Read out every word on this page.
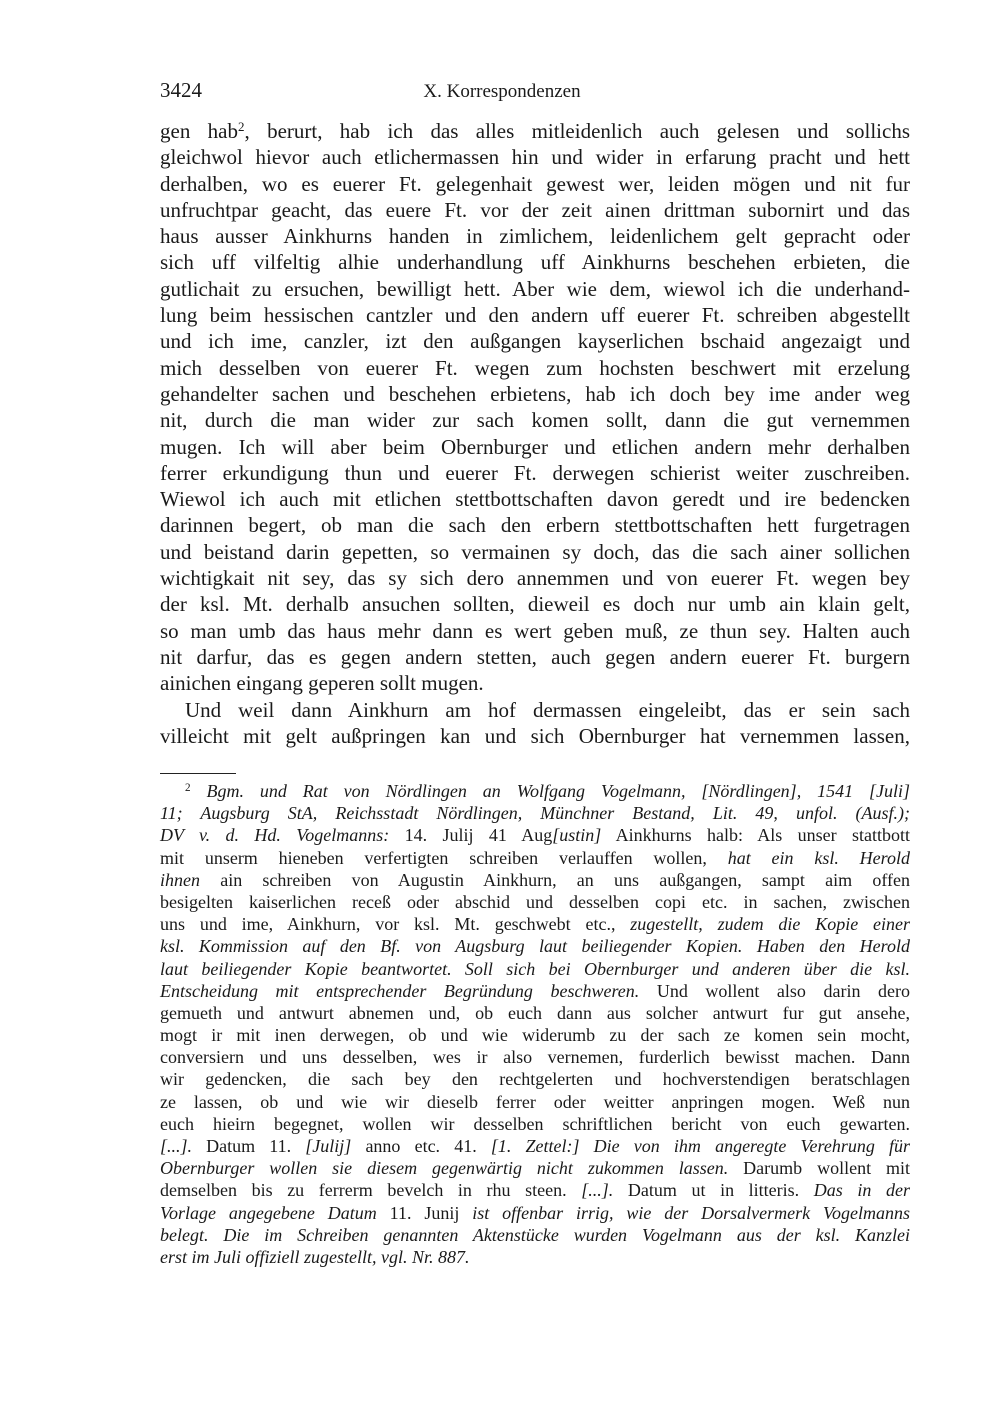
3424	X. Korrespondenzen
gen hab$^2$, berurt, hab ich das alles mitleidenlich auch gelesen und sollichs
gleichwol hievor auch etlichermassen hin und wider in erfarung pracht und hett
derhalben, wo es euerer Ft. gelegenhait gewest wer, leiden mögen und nit fur
unfruchtpar geacht, das euere Ft. vor der zeit ainen drittman subornirt und das
haus ausser Ainkhurns handen in zimlichem, leidenlichem gelt gepracht oder
sich uff vilfeltig alhie underhandlung uff Ainkhurns beschehen erbieten, die
gutlichait zu ersuchen, bewilligt hett. Aber wie dem, wiewol ich die underhand-
lung beim hessischen cantzler und den andern uff euerer Ft. schreiben abgestellt
und ich ime, canzler, izt den außgangen kayserlichen bschaid angezaigt und
mich desselben von euerer Ft. wegen zum hochsten beschwert mit erzelung
gehandelter sachen und beschehen erbietens, hab ich doch bey ime ander weg
nit, durch die man wider zur sach komen sollt, dann die gut vernemmen
mugen. Ich will aber beim Obernburger und etlichen andern mehr derhalben
ferrer erkundigung thun und euerer Ft. derwegen schierist weiter zuschreiben.
Wiewol ich auch mit etlichen stettbottschaften davon geredt und ire bedencken
darinnen begert, ob man die sach den erbern stettbottschaften hett furgetragen
und beistand darin gepetten, so vermainen sy doch, das die sach ainer sollichen
wichtigkait nit sey, das sy sich dero annemmen und von euerer Ft. wegen bey
der ksl. Mt. derhalb ansuchen sollten, dieweil es doch nur umb ain klain gelt,
so man umb das haus mehr dann es wert geben muß, ze thun sey. Halten auch
nit darfur, das es gegen andern stetten, auch gegen andern euerer Ft. burgern
ainichen eingang geperen sollt mugen.
Und weil dann Ainkhurn am hof dermassen eingeleibt, das er sein sach
villeicht mit gelt außpringen kan und sich Obernburger hat vernemmen lassen,
$^2$ Bgm. und Rat von Nördlingen an Wolfgang Vogelmann, [Nördlingen], 1541 [Juli]
11; Augsburg StA, Reichsstadt Nördlingen, Münchner Bestand, Lit. 49, unfol. (Ausf.);
DV v. d. Hd. Vogelmanns: 14. Julij 41 Aug[ustin] Ainkhurns halb: Als unser stattbott
mit unserm hieneben verfertigten schreiben verlauffen wollen, hat ein ksl. Herold
ihnen ain schreiben von Augustin Ainkhurn, an uns außgangen, sampt aim offen
besigelten kaiserlichen receß oder abschid und desselben copi etc. in sachen, zwischen
uns und ime, Ainkhurn, vor ksl. Mt. geschwebt etc., zugestellt, zudem die Kopie einer
ksl. Kommission auf den Bf. von Augsburg laut beiliegender Kopien. Haben den Herold
laut beiliegender Kopie beantwortet. Soll sich bei Obernburger und anderen über die ksl.
Entscheidung mit entsprechender Begründung beschweren. Und wollent also darin dero
gemueth und antwurt abnemen und, ob euch dann aus solcher antwurt fur gut ansehe,
mogt ir mit inen derwegen, ob und wie widerumb zu der sach ze komen sein mocht,
conversiern und uns desselben, wes ir also vernemen, furderlich bewisst machen. Dann
wir gedencken, die sach bey den rechtgelerten und hochverstendigen beratschlagen
ze lassen, ob und wie wir dieselb ferrer oder weitter anpringen mogen. Weß nun
euch hieirn begegnet, wollen wir desselben schriftlichen bericht von euch gewarten.
[...]. Datum 11. [Julij] anno etc. 41. [1. Zettel:] Die von ihm angeregte Verehrung für
Obernburger wollen sie diesem gegenwärtig nicht zukommen lassen. Darumb wollent mit
demselben bis zu ferrerm bevelch in rhu steen. [...]. Datum ut in litteris. Das in der
Vorlage angegebene Datum 11. Junij ist offenbar irrig, wie der Dorsalvermerk Vogelmanns
belegt. Die im Schreiben genannten Aktenstücke wurden Vogelmann aus der ksl. Kanzlei
erst im Juli offiziell zugestellt, vgl. Nr. 887.
